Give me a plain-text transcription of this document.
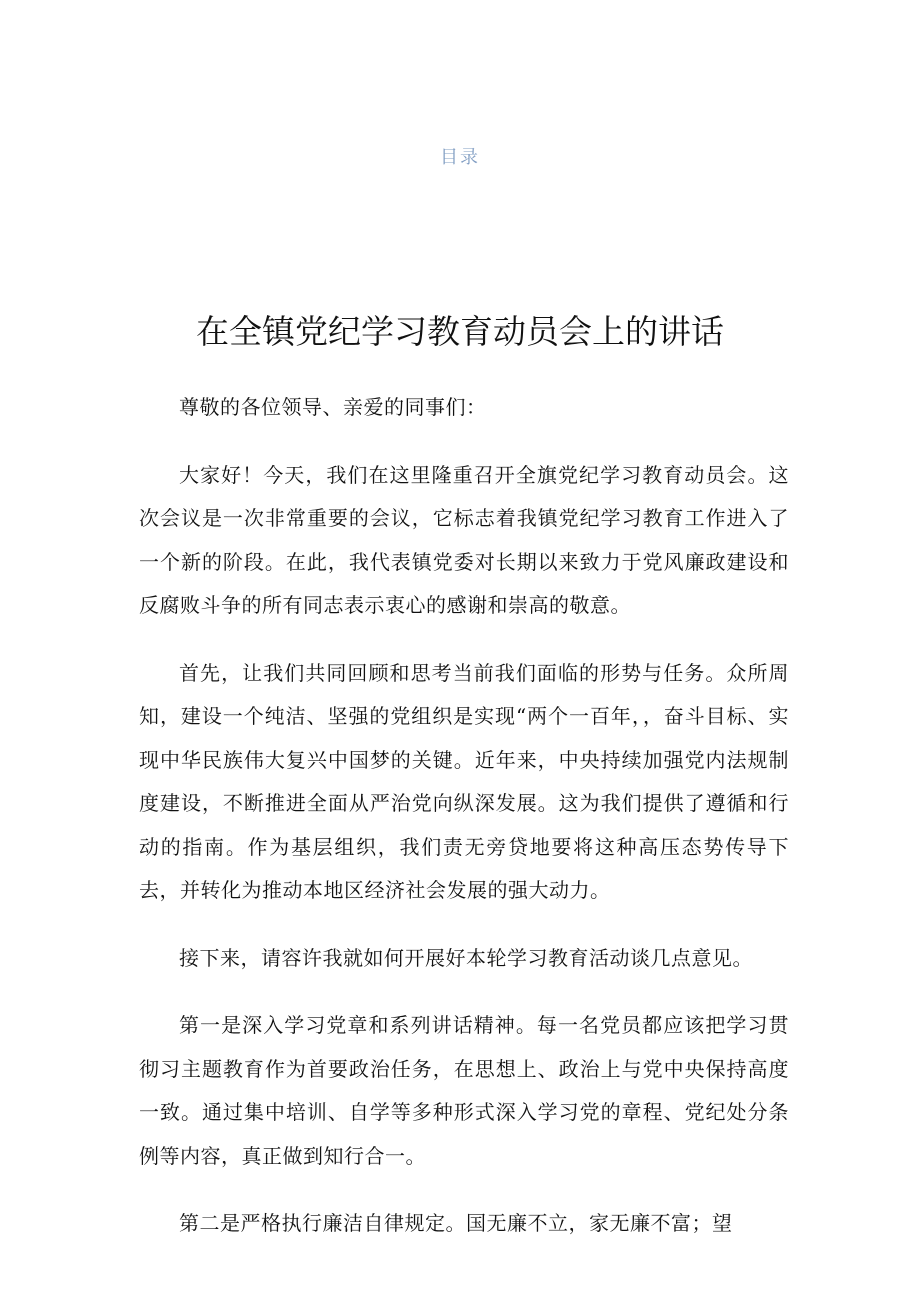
目录
在全镇党纪学习教育动员会上的讲话

尊敬的各位领导、亲爱的同事们：

大家好！今天，我们在这里隆重召开全旗党纪学习教育动员会。这次会议是一次非常重要的会议，它标志着我镇党纪学习教育工作进入了一个新的阶段。在此，我代表镇党委对长期以来致力于党风廉政建设和反腐败斗争的所有同志表示衷心的感谢和崇高的敬意。

首先，让我们共同回顾和思考当前我们面临的形势与任务。众所周知，建设一个纯洁、坚强的党组织是实现“两个一百年，，奋斗目标、实现中华民族伟大复兴中国梦的关键。近年来，中央持续加强党内法规制度建设，不断推进全面从严治党向纵深发展。这为我们提供了遵循和行动的指南。作为基层组织，我们责无旁贷地要将这种高压态势传导下去，并转化为推动本地区经济社会发展的强大动力。

接下来，请容许我就如何开展好本轮学习教育活动谈几点意见。

第一是深入学习党章和系列讲话精神。每一名党员都应该把学习贯彻习主题教育作为首要政治任务，在思想上、政治上与党中央保持高度一致。通过集中培训、自学等多种形式深入学习党的章程、党纪处分条例等内容，真正做到知行合一。

第二是严格执行廉洁自律规定。国无廉不立，家无廉不富；望
